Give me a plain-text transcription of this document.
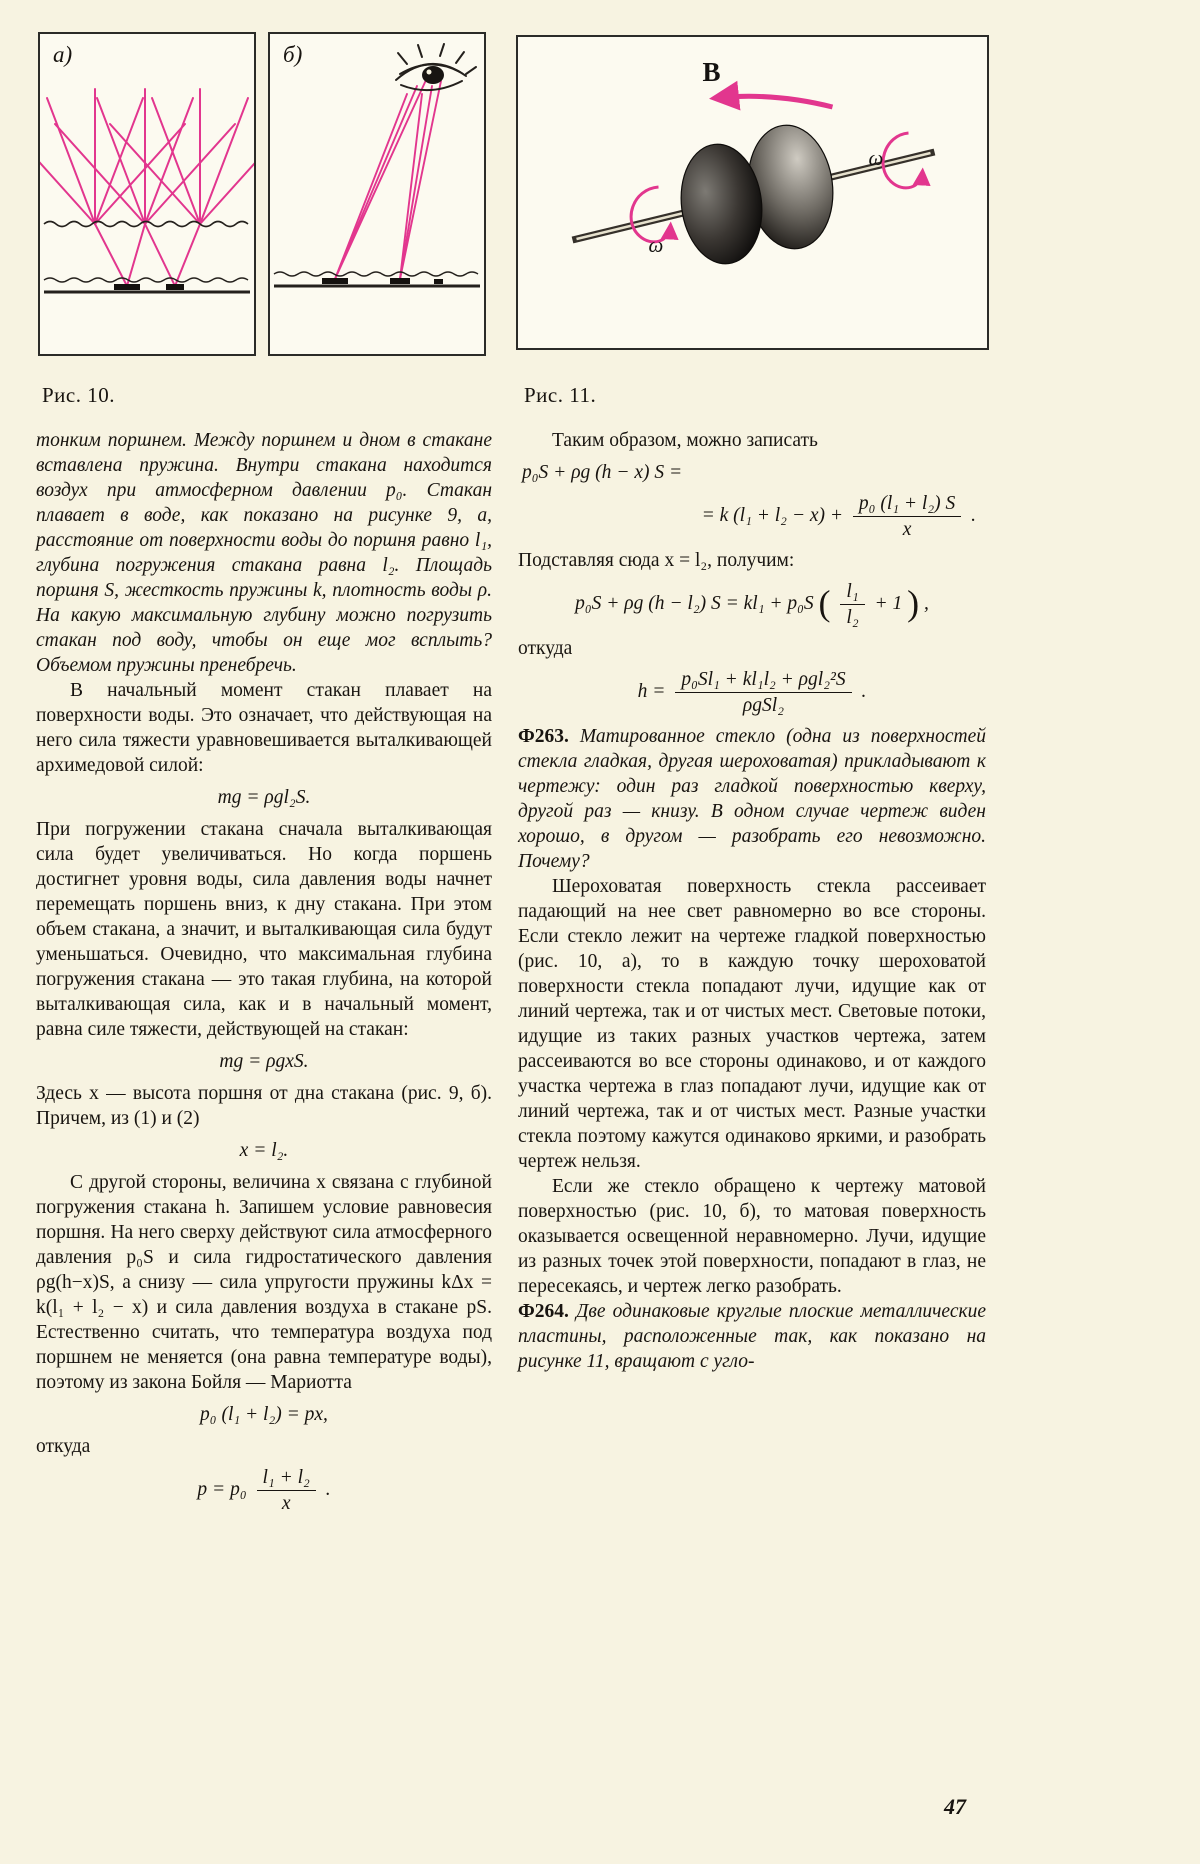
а)	б)
B
ω
ω
Рис. 10.	Рис. 11.

тонким поршнем. Между поршнем и дном в стакане вставлена пружина. Внутри стакана находится воздух при атмосферном давлении p₀. Стакан плавает в воде, как показано на рисунке 9, а, расстояние от поверхности воды до поршня равно l₁, глубина погружения стакана равна l₂. Площадь поршня S, жесткость пружины k, плотность воды ρ. На какую максимальную глубину можно погрузить стакан под воду, чтобы он еще мог всплыть? Объемом пружины пренебречь.

В начальный момент стакан плавает на поверхности воды. Это означает, что действующая на него сила тяжести уравновешивается выталкивающей архимедовой силой:

mg = ρgl₂S.

При погружении стакана сначала выталкивающая сила будет увеличиваться. Но когда поршень достигнет уровня воды, сила давления воды начнет перемещать поршень вниз, к дну стакана. При этом объем стакана, а значит, и выталкивающая сила будут уменьшаться. Очевидно, что максимальная глубина погружения стакана — это такая глубина, на которой выталкивающая сила, как и в начальный момент, равна силе тяжести, действующей на стакан:

mg = ρgxS.

Здесь x — высота поршня от дна стакана (рис. 9, б). Причем, из (1) и (2)

x = l₂.

С другой стороны, величина x связана с глубиной погружения стакана h. Запишем условие равновесия поршня. На него сверху действуют сила атмосферного давления p₀S и сила гидростатического давления ρg(h−x)S, а снизу — сила упругости пружины kΔx = k(l₁ + l₂ − x) и сила давления воздуха в стакане pS. Естественно считать, что температура воздуха под поршнем не меняется (она равна температуре воды), поэтому из закона Бойля — Мариотта

p₀ (l₁ + l₂) = px,

откуда

$p = p_0 \frac{\text{l₁ + l₂}}{x}$ .

Таким образом, можно записать

p₀S + ρg (h − x) S =
= k $(l_1 + l_2 - x) + \frac{\text{p₀ (l₁ + l₂) S}}{x}$ .

Подставляя сюда x = l₂, получим:

p₀S + ρg (h − l₂) S = kl₁ + p₀S ( $\frac{\text{l₁}}{\text{l₂}} + 1$ ) ,

откуда

$h = \frac{\text{p₀Sl₁ + kl₁l₂ + ρgl₂²S}}{\text{ρgSl₂}}$ .

Ф263. Матированное стекло (одна из поверхностей стекла гладкая, другая шероховатая) прикладывают к чертежу: один раз гладкой поверхностью кверху, другой раз — книзу. В одном случае чертеж виден хорошо, в другом — разобрать его невозможно. Почему?

Шероховатая поверхность стекла рассеивает падающий на нее свет равномерно во все стороны. Если стекло лежит на чертеже гладкой поверхностью (рис. 10, а), то в каждую точку шероховатой поверхности стекла попадают лучи, идущие как от линий чертежа, так и от чистых мест. Световые потоки, идущие из таких разных участков чертежа, затем рассеиваются во все стороны одинаково, и от каждого участка чертежа в глаз попадают лучи, идущие как от линий чертежа, так и от чистых мест. Разные участки стекла поэтому кажутся одинаково яркими, и разобрать чертеж нельзя.

Если же стекло обращено к чертежу матовой поверхностью (рис. 10, б), то матовая поверхность оказывается освещенной неравномерно. Лучи, идущие из разных точек этой поверхности, попадают в глаз, не пересекаясь, и чертеж легко разобрать.

Ф264. Две одинаковые круглые плоские металлические пластины, расположенные так, как показано на рисунке 11, вращают с угло-

47
